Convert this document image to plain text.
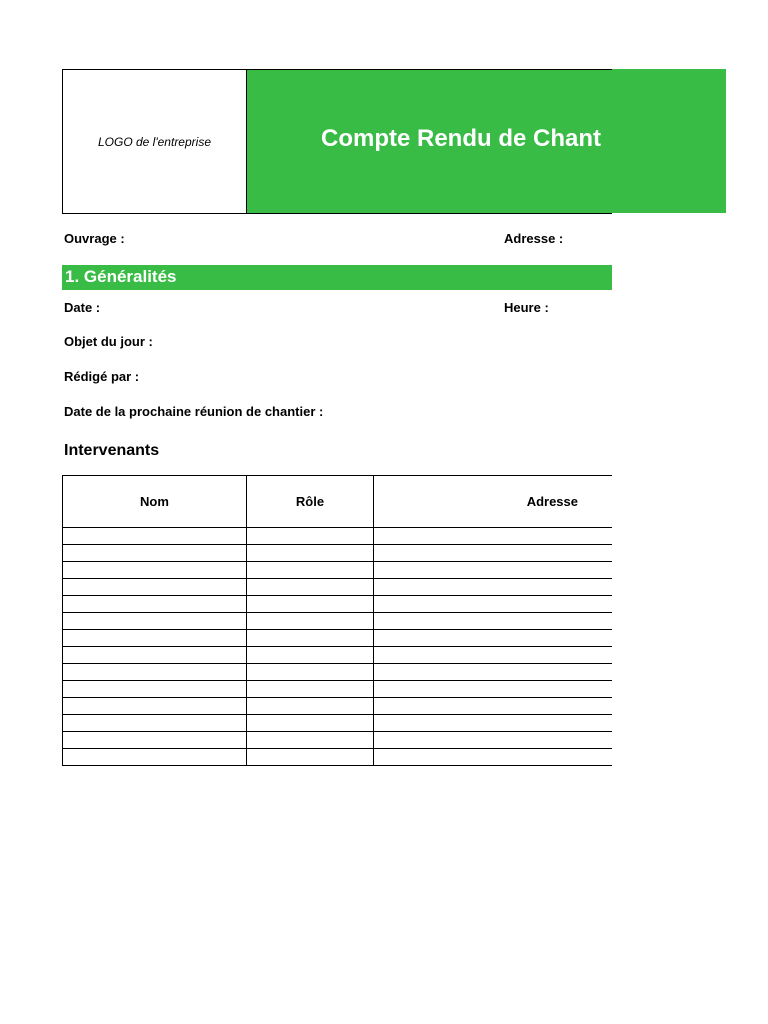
LOGO de l'entreprise	Compte Rendu de Chant
Ouvrage :	Adresse :
1. Généralités
Date :	Heure :
Objet du jour :
Rédigé par :
Date de la prochaine réunion de chantier :
Intervenants
Nom	Rôle	Adresse
